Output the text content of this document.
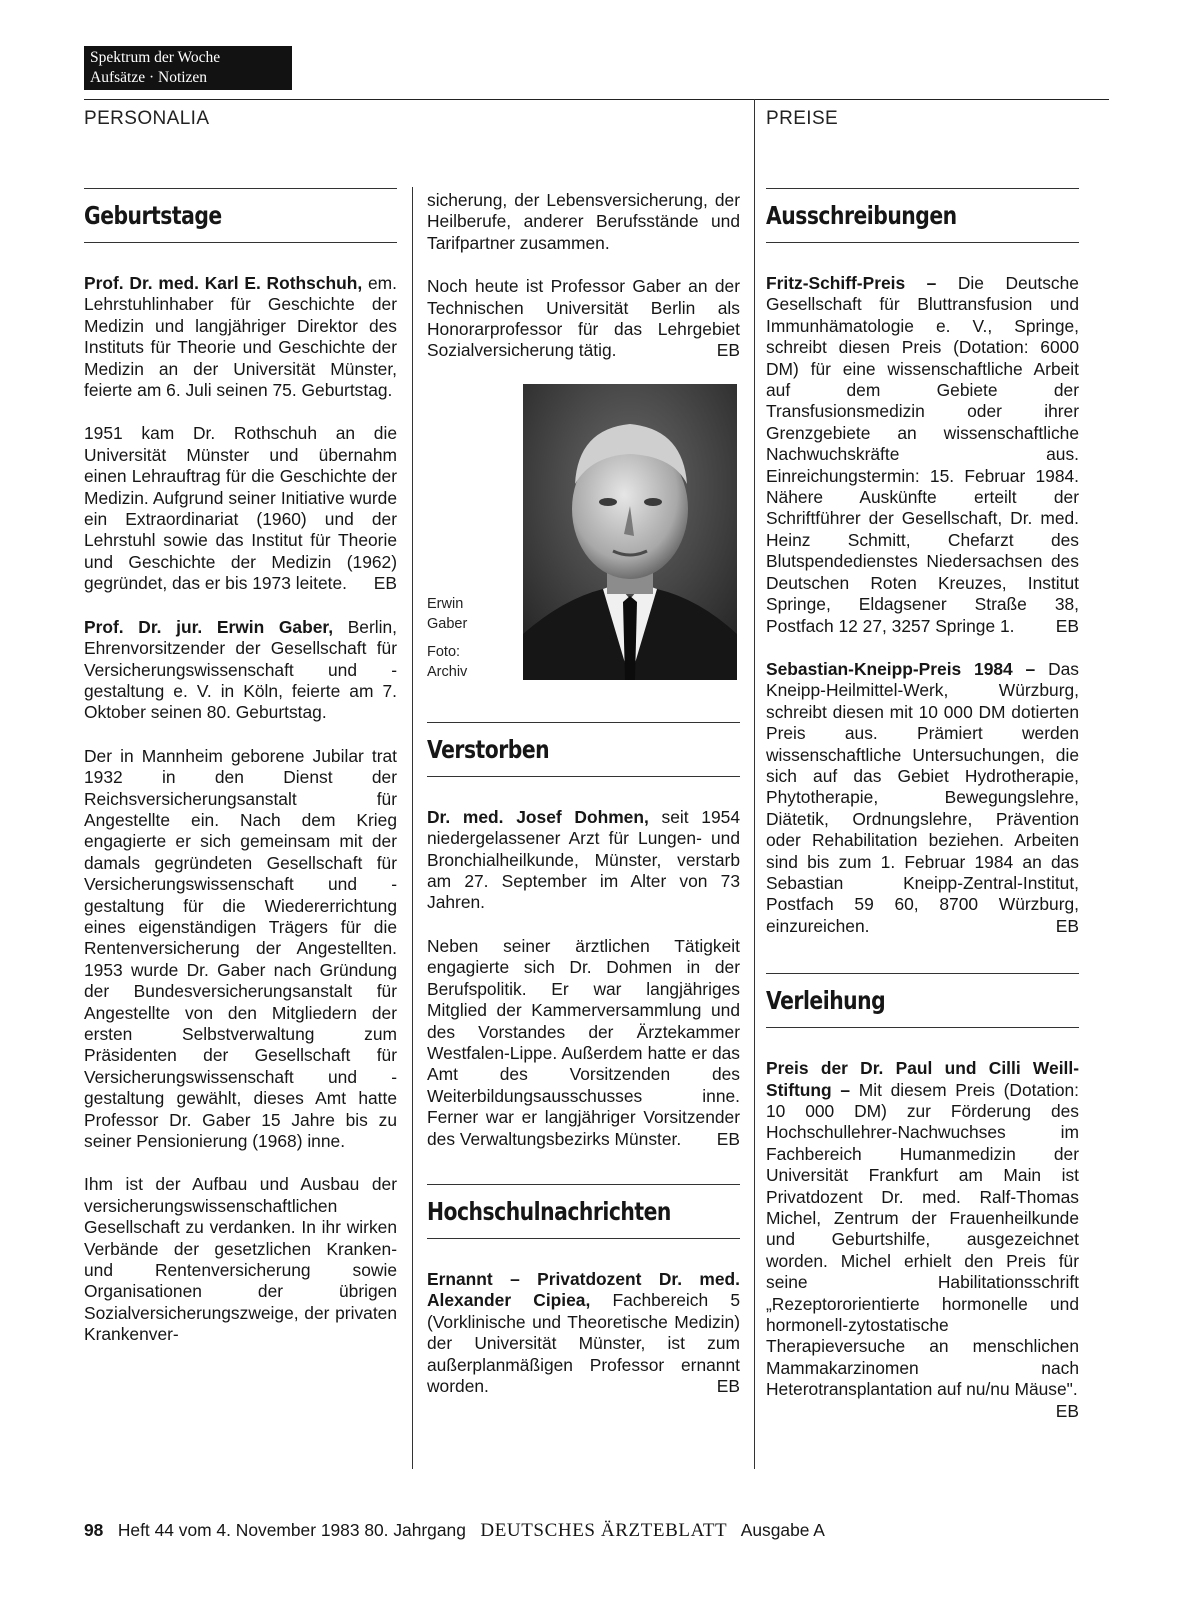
Spektrum der Woche
Aufsätze · Notizen
PERSONALIA	PREISE
Geburtstage

Prof. Dr. med. Karl E. Rothschuh, em. Lehrstuhlinhaber für Geschichte der Medizin und langjähriger Direktor des Instituts für Theorie und Geschichte der Medizin an der Universität Münster, feierte am 6. Juli seinen 75. Geburtstag.

1951 kam Dr. Rothschuh an die Universität Münster und übernahm einen Lehrauftrag für die Geschichte der Medizin. Aufgrund seiner Initiative wurde ein Extraordinariat (1960) und der Lehrstuhl sowie das Institut für Theorie und Geschichte der Medizin (1962) gegründet, das er bis 1973 leitete. EB

Prof. Dr. jur. Erwin Gaber, Berlin, Ehrenvorsitzender der Gesellschaft für Versicherungswissenschaft und -gestaltung e. V. in Köln, feierte am 7. Oktober seinen 80. Geburtstag.

Der in Mannheim geborene Jubilar trat 1932 in den Dienst der Reichsversicherungsanstalt für Angestellte ein. Nach dem Krieg engagierte er sich gemeinsam mit der damals gegründeten Gesellschaft für Versicherungswissenschaft und -gestaltung für die Wiedererrichtung eines eigenständigen Trägers für die Rentenversicherung der Angestellten. 1953 wurde Dr. Gaber nach Gründung der Bundesversicherungsanstalt für Angestellte von den Mitgliedern der ersten Selbstverwaltung zum Präsidenten der Gesellschaft für Versicherungswissenschaft und -gestaltung gewählt, dieses Amt hatte Professor Dr. Gaber 15 Jahre bis zu seiner Pensionierung (1968) inne.

Ihm ist der Aufbau und Ausbau der versicherungswissenschaftlichen Gesellschaft zu verdanken. In ihr wirken Verbände der gesetzlichen Kranken- und Rentenversicherung sowie Organisationen der übrigen Sozialversicherungszweige, der privaten Krankenver-

sicherung, der Lebensversicherung, der Heilberufe, anderer Berufsstände und Tarifpartner zusammen.

Noch heute ist Professor Gaber an der Technischen Universität Berlin als Honorarprofessor für das Lehrgebiet Sozialversicherung tätig.	EB

Erwin
Gaber
Foto:
Archiv
Verstorben

Dr. med. Josef Dohmen, seit 1954 niedergelassener Arzt für Lungen- und Bronchialheilkunde, Münster, verstarb am 27. September im Alter von 73 Jahren.

Neben seiner ärztlichen Tätigkeit engagierte sich Dr. Dohmen in der Berufspolitik. Er war langjähriges Mitglied der Kammerversammlung und des Vorstandes der Ärztekammer Westfalen-Lippe. Außerdem hatte er das Amt des Vorsitzenden des Weiterbildungsausschusses inne. Ferner war er langjähriger Vorsitzender des Verwaltungsbezirks Münster. EB

Hochschulnachrichten

Ernannt – Privatdozent Dr. med. Alexander Cipiea, Fachbereich 5 (Vorklinische und Theoretische Medizin) der Universität Münster, ist zum außerplanmäßigen Professor ernannt worden.	EB

Ausschreibungen

Fritz-Schiff-Preis – Die Deutsche Gesellschaft für Bluttransfusion und Immunhämatologie e. V., Springe, schreibt diesen Preis (Dotation: 6000 DM) für eine wissenschaftliche Arbeit auf dem Gebiete der Transfusionsmedizin oder ihrer Grenzgebiete an wissenschaftliche Nachwuchskräfte aus. Einreichungstermin: 15. Februar 1984. Nähere Auskünfte erteilt der Schriftführer der Gesellschaft, Dr. med. Heinz Schmitt, Chefarzt des Blutspendedienstes Niedersachsen des Deutschen Roten Kreuzes, Institut Springe, Eldagsener Straße 38, Postfach 12 27, 3257 Springe 1. EB

Sebastian-Kneipp-Preis 1984 – Das Kneipp-Heilmittel-Werk, Würzburg, schreibt diesen mit 10 000 DM dotierten Preis aus. Prämiert werden wissenschaftliche Untersuchungen, die sich auf das Gebiet Hydrotherapie, Phytotherapie, Bewegungslehre, Diätetik, Ordnungslehre, Prävention oder Rehabilitation beziehen. Arbeiten sind bis zum 1. Februar 1984 an das Sebastian Kneipp-Zentral-Institut, Postfach 59 60, 8700 Würzburg, einzureichen.	EB

Verleihung

Preis der Dr. Paul und Cilli Weill-Stiftung – Mit diesem Preis (Dotation: 10 000 DM) zur Förderung des Hochschullehrer-Nachwuchses im Fachbereich Humanmedizin der Universität Frankfurt am Main ist Privatdozent Dr. med. Ralf-Thomas Michel, Zentrum der Frauenheilkunde und Geburtshilfe, ausgezeichnet worden. Michel erhielt den Preis für seine Habilitationsschrift „Rezeptororientierte hormonelle und hormonell-zytostatische Therapieversuche an menschlichen Mammakarzinomen nach Heterotransplantation auf nu/nu Mäuse".
EB

98 Heft 44 vom 4. November 1983 80. Jahrgang DEUTSCHES ÄRZTEBLATT Ausgabe A
